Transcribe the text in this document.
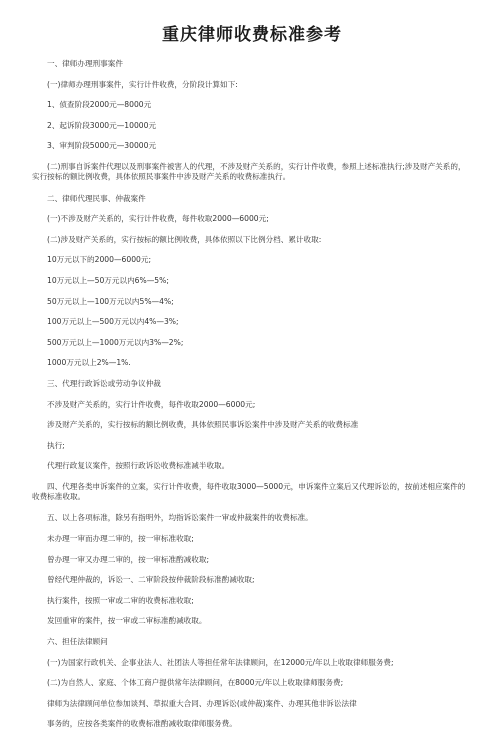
重庆律师收费标准参考

一、律师办理刑事案件

(一)律师办理刑事案件，实行计件收费，分阶段计算如下:

1、侦查阶段2000元—8000元

2、起诉阶段3000元—10000元

3、审判阶段5000元—30000元

(二)刑事自诉案件代理以及刑事案件被害人的代理，不涉及财产关系的，实行计件收费，参照上述标准执行;涉及财产关系的，实行按标的额比例收费，具体依照民事案件中涉及财产关系的收费标准执行。

二、律师代理民事、仲裁案件

(一)不涉及财产关系的，实行计件收费，每件收取2000—6000元;

(二)涉及财产关系的，实行按标的额比例收费，具体依照以下比例分档、累计收取:

10万元以下的2000—6000元;

10万元以上—50万元以内6%—5%;

50万元以上—100万元以内5%—4%;

100万元以上—500万元以内4%—3%;

500万元以上—1000万元以内3%—2%;

1000万元以上2%—1%.

三、代理行政诉讼或劳动争议仲裁

不涉及财产关系的，实行计件收费，每件收取2000—6000元;

涉及财产关系的，实行按标的额比例收费，具体依照民事诉讼案件中涉及财产关系的收费标准

执行;

代理行政复议案件，按照行政诉讼收费标准减半收取。

四、代理各类申诉案件的立案，实行计件收费，每件收取3000—5000元，申诉案件立案后又代理诉讼的，按前述相应案件的收费标准收取。

五、以上各项标准，除另有指明外，均指诉讼案件一审或仲裁案件的收费标准。

未办理一审而办理二审的，按一审标准收取;

曾办理一审又办理二审的，按一审标准酌减收取;

曾经代理仲裁的，诉讼一、二审阶段按仲裁阶段标准酌减收取;

执行案件，按照一审或二审的收费标准收取;

发回重审的案件，按一审或二审标准酌减收取。

六、担任法律顾问

(一)为国家行政机关、企事业法人、社团法人等担任常年法律顾问，在12000元/年以上收取律师服务费;

(二)为自然人、家庭、个体工商户提供常年法律顾问，在8000元/年以上收取律师服务费;

律师为法律顾问单位参加谈判、草拟重大合同、办理诉讼(或仲裁)案件、办理其他非诉讼法律

事务的，应按各类案件的收费标准酌减收取律师服务费。
